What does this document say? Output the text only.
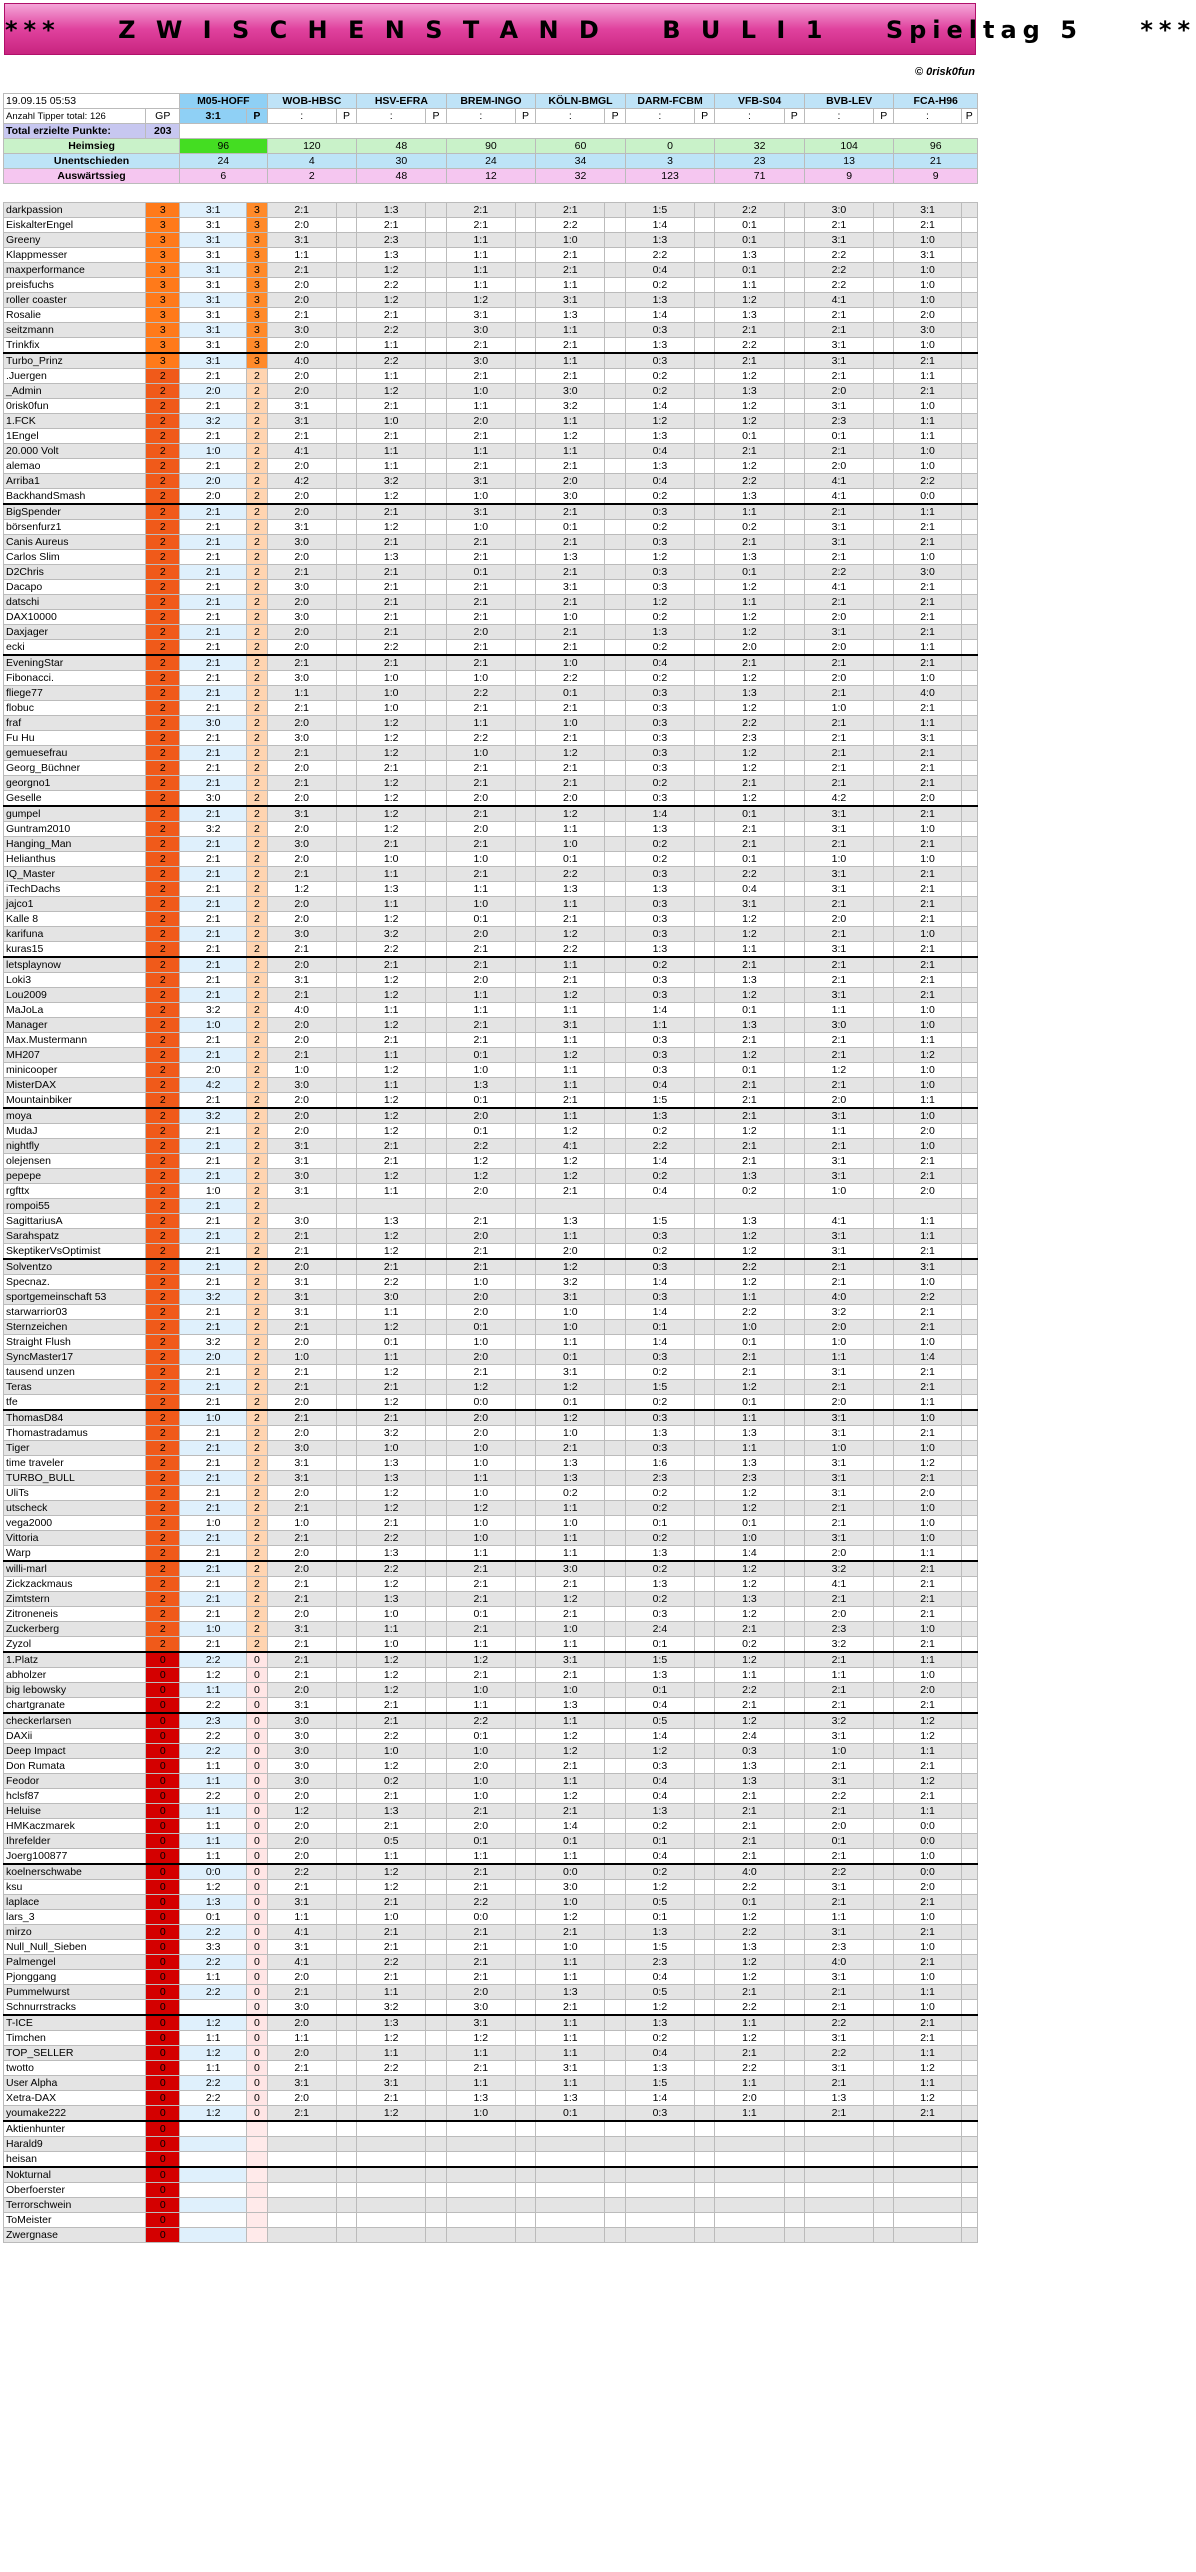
***    Z W I S C H E N S T A N D    B U L I 1    Spieltag 5    ***
© 0risk0fun
19.09.15 05:53		M05-HOFF		WOB-HBSC		HSV-EFRA		BREM-INGO		KÖLN-BMGL		DARM-FCBM		VFB-S04		BVB-LEV		FCA-H96	
Anzahl Tipper total: 126	GP	3:1	P	:	P	:	P	:	P	:	P	:	P	:	P	:	P	:	P
Total erzielte Punkte:	203																		
Heimsieg		96		120		48		90		60		0		32		104		96	
Unentschieden		24		4		30		24		34		3		23		13		21	
Auswärtssieg		6		2		48		12		32		123		71		9		9	

darkpassion	3	3:1	3	2:1		1:3		2:1		2:1		1:5		2:2		3:0		3:1	
EiskalterEngel	3	3:1	3	2:0		2:1		2:1		2:2		1:4		0:1		2:1		2:1	
Greeny	3	3:1	3	3:1		2:3		1:1		1:0		1:3		0:1		3:1		1:0	
Klappmesser	3	3:1	3	1:1		1:3		1:1		2:1		2:2		1:3		2:2		3:1	
maxperformance	3	3:1	3	2:1		1:2		1:1		2:1		0:4		0:1		2:2		1:0	
preisfuchs	3	3:1	3	2:0		2:2		1:1		1:1		0:2		1:1		2:2		1:0	
roller coaster	3	3:1	3	2:0		1:2		1:2		3:1		1:3		1:2		4:1		1:0	
Rosalie	3	3:1	3	2:1		2:1		3:1		1:3		1:4		1:3		2:1		2:0	
seitzmann	3	3:1	3	3:0		2:2		3:0		1:1		0:3		2:1		2:1		3:0	
Trinkfix	3	3:1	3	2:0		1:1		2:1		2:1		1:3		2:2		3:1		1:0	
Turbo_Prinz	3	3:1	3	4:0		2:2		3:0		1:1		0:3		2:1		3:1		2:1	
.Juergen	2	2:1	2	2:0		1:1		2:1		2:1		0:2		1:2		2:1		1:1	
_Admin	2	2:0	2	2:0		1:2		1:0		3:0		0:2		1:3		2:0		2:1	
0risk0fun	2	2:1	2	3:1		2:1		1:1		3:2		1:4		1:2		3:1		1:0	
1.FCK	2	3:2	2	3:1		1:0		2:0		1:1		1:2		1:2		2:3		1:1	
1Engel	2	2:1	2	2:1		2:1		2:1		1:2		1:3		0:1		0:1		1:1	
20.000 Volt	2	1:0	2	4:1		1:1		1:1		1:1		0:4		2:1		2:1		1:0	
alemao	2	2:1	2	2:0		1:1		2:1		2:1		1:3		1:2		2:0		1:0	
Arriba1	2	2:0	2	4:2		3:2		3:1		2:0		0:4		2:2		4:1		2:2	
BackhandSmash	2	2:0	2	2:0		1:2		1:0		3:0		0:2		1:3		4:1		0:0	
BigSpender	2	2:1	2	2:0		2:1		3:1		2:1		0:3		1:1		2:1		1:1	
börsenfurz1	2	2:1	2	3:1		1:2		1:0		0:1		0:2		0:2		3:1		2:1	
Canis Aureus	2	2:1	2	3:0		2:1		2:1		2:1		0:3		2:1		3:1		2:1	
Carlos Slim	2	2:1	2	2:0		1:3		2:1		1:3		1:2		1:3		2:1		1:0	
D2Chris	2	2:1	2	2:1		2:1		0:1		2:1		0:3		0:1		2:2		3:0	
Dacapo	2	2:1	2	3:0		2:1		2:1		3:1		0:3		1:2		4:1		2:1	
datschi	2	2:1	2	2:0		2:1		2:1		2:1		1:2		1:1		2:1		2:1	
DAX10000	2	2:1	2	3:0		2:1		2:1		1:0		0:2		1:2		2:0		2:1	
Daxjager	2	2:1	2	2:0		2:1		2:0		2:1		1:3		1:2		3:1		2:1	
ecki	2	2:1	2	2:0		2:2		2:1		2:1		0:2		2:0		2:0		1:1	
EveningStar	2	2:1	2	2:1		2:1		2:1		1:0		0:4		2:1		2:1		2:1	
Fibonacci.	2	2:1	2	3:0		1:0		1:0		2:2		0:2		1:2		2:0		1:0	
fliege77	2	2:1	2	1:1		1:0		2:2		0:1		0:3		1:3		2:1		4:0	
flobuc	2	2:1	2	2:1		1:0		2:1		2:1		0:3		1:2		1:0		2:1	
fraf	2	3:0	2	2:0		1:2		1:1		1:0		0:3		2:2		2:1		1:1	
Fu Hu	2	2:1	2	3:0		1:2		2:2		2:1		0:3		2:3		2:1		3:1	
gemuesefrau	2	2:1	2	2:1		1:2		1:0		1:2		0:3		1:2		2:1		2:1	
Georg_Büchner	2	2:1	2	2:0		2:1		2:1		2:1		0:3		1:2		2:1		2:1	
georgno1	2	2:1	2	2:1		1:2		2:1		2:1		0:2		2:1		2:1		2:1	
Geselle	2	3:0	2	2:0		1:2		2:0		2:0		0:3		1:2		4:2		2:0	
gumpel	2	2:1	2	3:1		1:2		2:1		1:2		1:4		0:1		3:1		2:1	
Guntram2010	2	3:2	2	2:0		1:2		2:0		1:1		1:3		2:1		3:1		1:0	
Hanging_Man	2	2:1	2	3:0		2:1		2:1		1:0		0:2		2:1		2:1		2:1	
Helianthus	2	2:1	2	2:0		1:0		1:0		0:1		0:2		0:1		1:0		1:0	
IQ_Master	2	2:1	2	2:1		1:1		2:1		2:2		0:3		2:2		3:1		2:1	
iTechDachs	2	2:1	2	1:2		1:3		1:1		1:3		1:3		0:4		3:1		2:1	
jajco1	2	2:1	2	2:0		1:1		1:0		1:1		0:3		3:1		2:1		2:1	
Kalle 8	2	2:1	2	2:0		1:2		0:1		2:1		0:3		1:2		2:0		2:1	
karifuna	2	2:1	2	3:0		3:2		2:0		1:2		0:3		1:2		2:1		1:0	
kuras15	2	2:1	2	2:1		2:2		2:1		2:2		1:3		1:1		3:1		2:1	
letsplaynow	2	2:1	2	2:0		2:1		2:1		1:1		0:2		2:1		2:1		2:1	
Loki3	2	2:1	2	3:1		1:2		2:0		2:1		0:3		1:3		2:1		2:1	
Lou2009	2	2:1	2	2:1		1:2		1:1		1:2		0:3		1:2		3:1		2:1	
MaJoLa	2	3:2	2	4:0		1:1		1:1		1:1		1:4		0:1		1:1		1:0	
Manager	2	1:0	2	2:0		1:2		2:1		3:1		1:1		1:3		3:0		1:0	
Max.Mustermann	2	2:1	2	2:0		2:1		2:1		1:1		0:3		2:1		2:1		1:1	
MH207	2	2:1	2	2:1		1:1		0:1		1:2		0:3		1:2		2:1		1:2	
minicooper	2	2:0	2	1:0		1:2		1:0		1:1		0:3		0:1		1:2		1:0	
MisterDAX	2	4:2	2	3:0		1:1		1:3		1:1		0:4		2:1		2:1		1:0	
Mountainbiker	2	2:1	2	2:0		1:2		0:1		2:1		1:5		2:1		2:0		1:1	
moya	2	3:2	2	2:0		1:2		2:0		1:1		1:3		2:1		3:1		1:0	
MudaJ	2	2:1	2	2:0		1:2		0:1		1:2		0:2		1:2		1:1		2:0	
nightfly	2	2:1	2	3:1		2:1		2:2		4:1		2:2		2:1		2:1		1:0	
olejensen	2	2:1	2	3:1		2:1		1:2		1:2		1:4		2:1		3:1		2:1	
pepepe	2	2:1	2	3:0		1:2		1:2		1:2		0:2		1:3		3:1		2:1	
rgfttx	2	1:0	2	3:1		1:1		2:0		2:1		0:4		0:2		1:0		2:0	
rompoi55	2	2:1	2																
SagittariusA	2	2:1	2	3:0		1:3		2:1		1:3		1:5		1:3		4:1		1:1	
Sarahspatz	2	2:1	2	2:1		1:2		2:0		1:1		0:3		1:2		3:1		1:1	
SkeptikerVsOptimist	2	2:1	2	2:1		1:2		2:1		2:0		0:2		1:2		3:1		2:1	
Solventzo	2	2:1	2	2:0		2:1		2:1		1:2		0:3		2:2		2:1		3:1	
Specnaz.	2	2:1	2	3:1		2:2		1:0		3:2		1:4		1:2		2:1		1:0	
sportgemeinschaft 53	2	3:2	2	3:1		3:0		2:0		3:1		0:3		1:1		4:0		2:2	
starwarrior03	2	2:1	2	3:1		1:1		2:0		1:0		1:4		2:2		3:2		2:1	
Sternzeichen	2	2:1	2	2:1		1:2		0:1		1:0		0:1		1:0		2:0		2:1	
Straight Flush	2	3:2	2	2:0		0:1		1:0		1:1		1:4		0:1		1:0		1:0	
SyncMaster17	2	2:0	2	1:0		1:1		2:0		0:1		0:3		2:1		1:1		1:4	
tausend unzen	2	2:1	2	2:1		1:2		2:1		3:1		0:2		2:1		3:1		2:1	
Teras	2	2:1	2	2:1		2:1		1:2		1:2		1:5		1:2		2:1		2:1	
tfe	2	2:1	2	2:0		1:2		0:0		0:1		0:2		0:1		2:0		1:1	
ThomasD84	2	1:0	2	2:1		2:1		2:0		1:2		0:3		1:1		3:1		1:0	
Thomastradamus	2	2:1	2	2:0		3:2		2:0		1:0		1:3		1:3		3:1		2:1	
Tiger	2	2:1	2	3:0		1:0		1:0		2:1		0:3		1:1		1:0		1:0	
time traveler	2	2:1	2	3:1		1:3		1:0		1:3		1:6		1:3		3:1		1:2	
TURBO_BULL	2	2:1	2	3:1		1:3		1:1		1:3		2:3		2:3		3:1		2:1	
UliTs	2	2:1	2	2:0		1:2		1:0		0:2		0:2		1:2		3:1		2:0	
utscheck	2	2:1	2	2:1		1:2		1:2		1:1		0:2		1:2		2:1		1:0	
vega2000	2	1:0	2	1:0		2:1		1:0		1:0		0:1		0:1		2:1		1:0	
Vittoria	2	2:1	2	2:1		2:2		1:0		1:1		0:2		1:0		3:1		1:0	
Warp	2	2:1	2	2:0		1:3		1:1		1:1		1:3		1:4		2:0		1:1	
willi-marl	2	2:1	2	2:0		2:2		2:1		3:0		0:2		1:2		3:2		2:1	
Zickzackmaus	2	2:1	2	2:1		1:2		2:1		2:1		1:3		1:2		4:1		2:1	
Zimtstern	2	2:1	2	2:1		1:3		2:1		1:2		0:2		1:3		2:1		2:1	
Zitroneneis	2	2:1	2	2:0		1:0		0:1		2:1		0:3		1:2		2:0		2:1	
Zuckerberg	2	1:0	2	3:1		1:1		2:1		1:0		2:4		2:1		2:3		1:0	
Zyzol	2	2:1	2	2:1		1:0		1:1		1:1		0:1		0:2		3:2		2:1	
1.Platz	0	2:2	0	2:1		1:2		1:2		3:1		1:5		1:2		2:1		1:1	
abholzer	0	1:2	0	2:1		1:2		2:1		2:1		1:3		1:1		1:1		1:0	
big lebowsky	0	1:1	0	2:0		1:2		1:0		1:0		0:1		2:2		2:1		2:0	
chartgranate	0	2:2	0	3:1		2:1		1:1		1:3		0:4		2:1		2:1		2:1	
checkerlarsen	0	2:3	0	3:0		2:1		2:2		1:1		0:5		1:2		3:2		1:2	
DAXii	0	2:2	0	3:0		2:2		0:1		1:2		1:4		2:4		3:1		1:2	
Deep Impact	0	2:2	0	3:0		1:0		1:0		1:2		1:2		0:3		1:0		1:1	
Don Rumata	0	1:1	0	3:0		1:2		2:0		2:1		0:3		1:3		2:1		2:1	
Feodor	0	1:1	0	3:0		0:2		1:0		1:1		0:4		1:3		3:1		1:2	
hclsf87	0	2:2	0	2:0		2:1		1:0		1:2		0:4		2:1		2:2		2:1	
Heluise	0	1:1	0	1:2		1:3		2:1		2:1		1:3		2:1		2:1		1:1	
HMKaczmarek	0	1:1	0	2:0		2:1		2:0		1:4		0:2		2:1		2:0		0:0	
Ihrefelder	0	1:1	0	2:0		0:5		0:1		0:1		0:1		2:1		0:1		0:0	
Joerg100877	0	1:1	0	2:0		1:1		1:1		1:1		0:4		2:1		2:1		1:0	
koelnerschwabe	0	0:0	0	2:2		1:2		2:1		0:0		0:2		4:0		2:2		0:0	
ksu	0	1:2	0	2:1		1:2		2:1		3:0		1:2		2:2		3:1		2:0	
laplace	0	1:3	0	3:1		2:1		2:2		1:0		0:5		0:1		2:1		2:1	
lars_3	0	0:1	0	1:1		1:0		0:0		1:2		0:1		1:2		1:1		1:0	
mirzo	0	2:2	0	4:1		2:1		2:1		2:1		1:3		2:2		3:1		2:1	
Null_Null_Sieben	0	3:3	0	3:1		2:1		2:1		1:0		1:5		1:3		2:3		1:0	
Palmengel	0	2:2	0	4:1		2:2		2:1		1:1		2:3		1:2		4:0		2:1	
Pjonggang	0	1:1	0	2:0		2:1		2:1		1:1		0:4		1:2		3:1		1:0	
Pummelwurst	0	2:2	0	2:1		1:1		2:0		1:3		0:5		2:1		2:1		1:1	
Schnurrstracks	0		0	3:0		3:2		3:0		2:1		1:2		2:2		2:1		1:0	
T-ICE	0	1:2	0	2:0		1:3		3:1		1:1		1:3		1:1		2:2		2:1	
Timchen	0	1:1	0	1:1		1:2		1:2		1:1		0:2		1:2		3:1		2:1	
TOP_SELLER	0	1:2	0	2:0		1:1		1:1		1:1		0:4		2:1		2:2		1:1	
twotto	0	1:1	0	2:1		2:2		2:1		3:1		1:3		2:2		3:1		1:2	
User Alpha	0	2:2	0	3:1		3:1		1:1		1:1		1:5		1:1		2:1		1:1	
Xetra-DAX	0	2:2	0	2:0		2:1		1:3		1:3		1:4		2:0		1:3		1:2	
youmake222	0	1:2	0	2:1		1:2		1:0		0:1		0:3		1:1		2:1		2:1	
Aktienhunter	0																		
Harald9	0																		
heisan	0																		
Nokturnal	0																		
Oberfoerster	0																		
Terrorschwein	0																		
ToMeister	0																		
Zwergnase	0																		
